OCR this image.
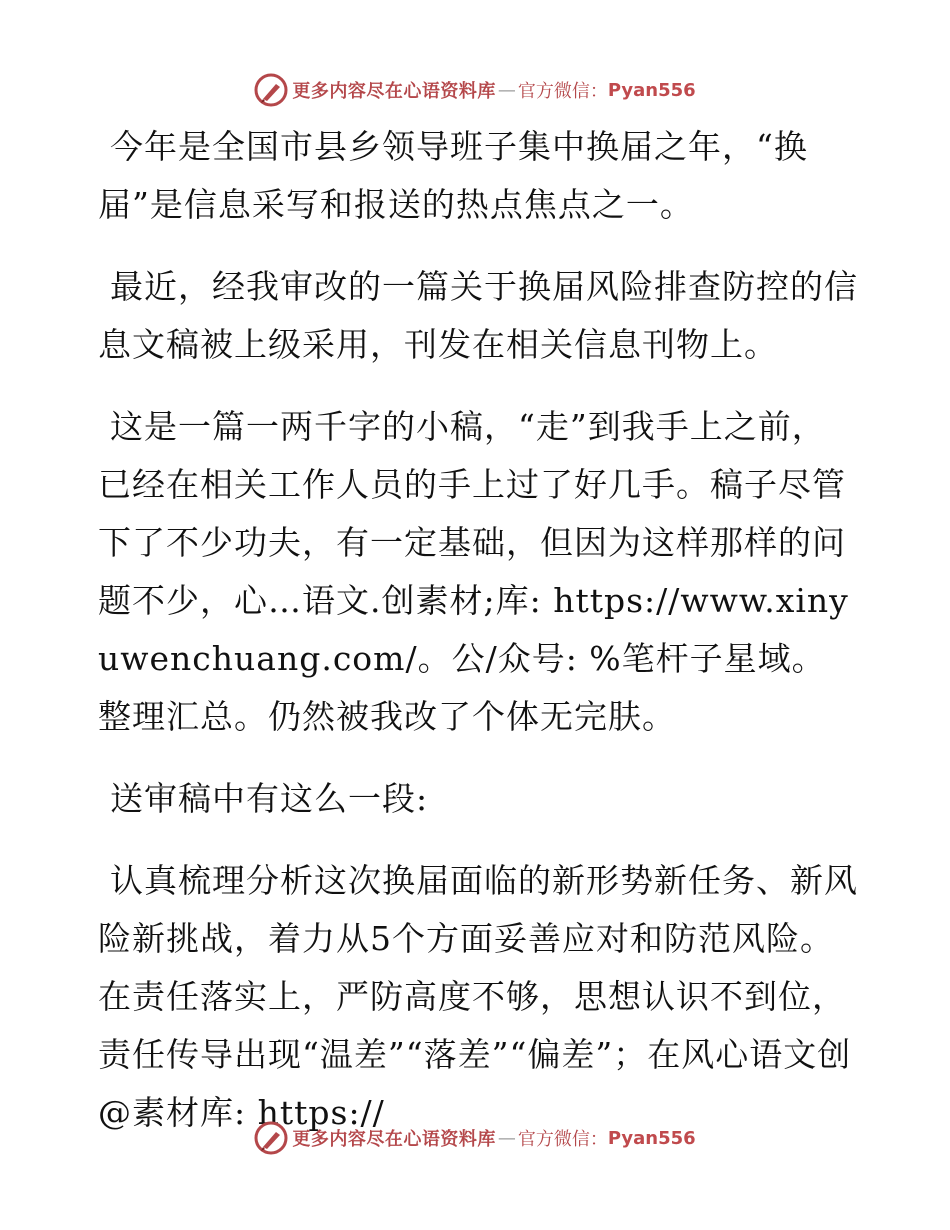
更多内容尽在心语资料库 — 官方微信： Pyan556

今年是全国市县乡领导班子集中换届之年，“换届”是信息采写和报送的热点焦点之一。

最近，经我审改的一篇关于换届风险排查防控的信息文稿被上级采用，刊发在相关信息刊物上。

这是一篇一两千字的小稿，“走”到我手上之前，已经在相关工作人员的手上过了好几手。稿子尽管下了不少功夫，有一定基础，但因为这样那样的问题不少，心…语文.创素材;库: https://www.xinyuwenchuang.com/。公/众号: %笔杆子星域。整理汇总。仍然被我改了个体无完肤。

送审稿中有这么一段:

认真梳理分析这次换届面临的新形势新任务、新风险新挑战，着力从5个方面妥善应对和防范风险。在责任落实上，严防高度不够，思想认识不到位，责任传导出现“温差”“落差”“偏差”；在风心语文创@素材库: https://

更多内容尽在心语资料库 — 官方微信： Pyan556
